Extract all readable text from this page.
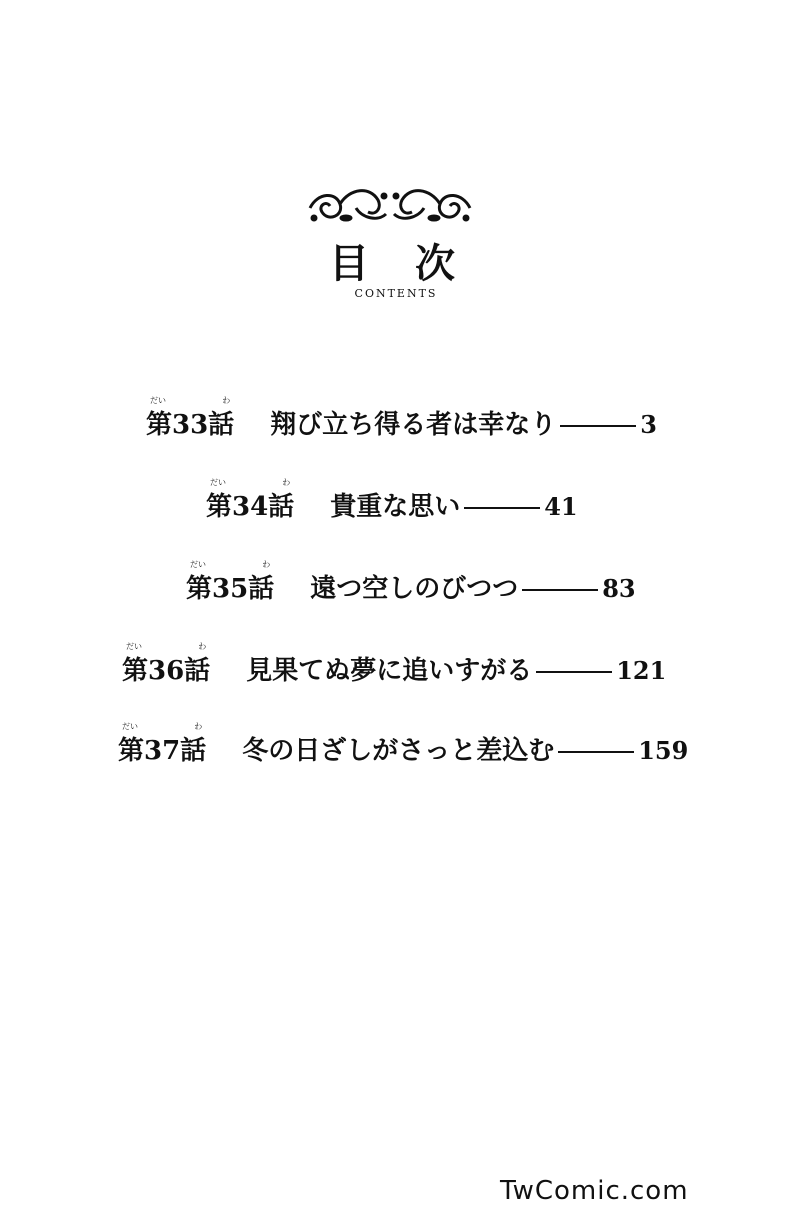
目 次
CONTENTS
だい	わ
第33話 翔び立ち得る者は幸なり	3
だい	わ
第34話 貴重な思い	41
だい	わ
第35話 遠つ空しのびつつ	83
だい	わ
第36話 見果てぬ夢に追いすがる	121
だい	わ
第37話 冬の日ざしがさっと差込む	159
TwComic.com
